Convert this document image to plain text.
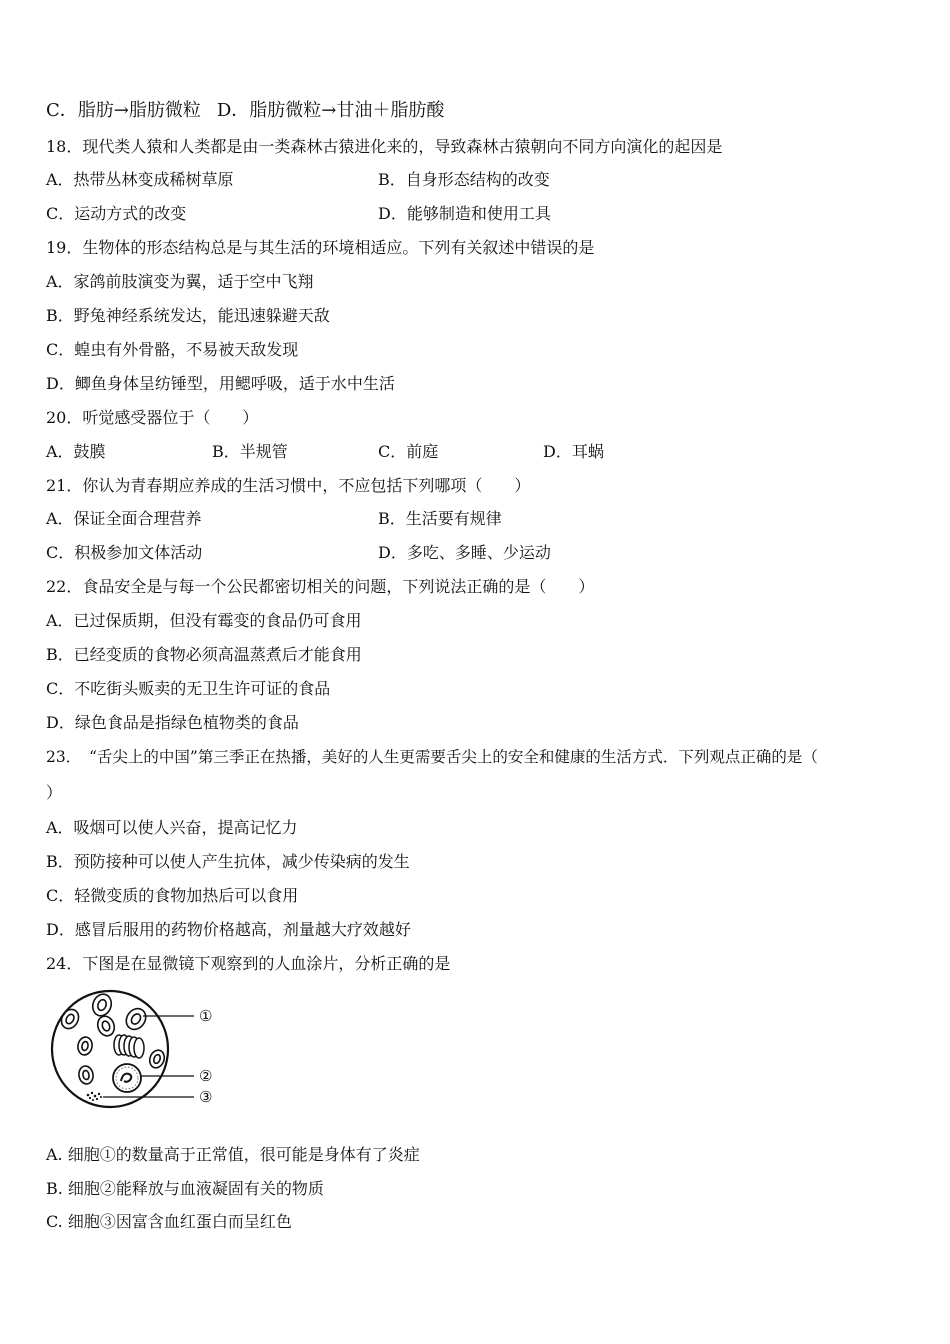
C．脂肪→脂肪微粒 D．脂肪微粒→甘油＋脂肪酸
18．现代类人猿和人类都是由一类森林古猿进化来的，导致森林古猿朝向不同方向演化的起因是
A．热带丛林变成稀树草原	B．自身形态结构的改变
C．运动方式的改变	D．能够制造和使用工具
19．生物体的形态结构总是与其生活的环境相适应。下列有关叙述中错误的是
A．家鸽前肢演变为翼，适于空中飞翔
B．野兔神经系统发达，能迅速躲避天敌
C．蝗虫有外骨骼，不易被天敌发现
D．鲫鱼身体呈纺锤型，用鳃呼吸，适于水中生活
20．听觉感受器位于（　　）
A．鼓膜	B．半规管	C．前庭	D．耳蜗
21．你认为青春期应养成的生活习惯中，不应包括下列哪项（　　）
A．保证全面合理营养	B．生活要有规律
C．积极参加文体活动	D．多吃、多睡、少运动
22．食品安全是与每一个公民都密切相关的问题，下列说法正确的是（　　）
A．已过保质期，但没有霉变的食品仍可食用
B．已经变质的食物必须高温蒸煮后才能食用
C．不吃街头贩卖的无卫生许可证的食品
D．绿色食品是指绿色植物类的食品
23．　“舌尖上的中国”第三季正在热播，美好的人生更需要舌尖上的安全和健康的生活方式．下列观点正确的是（
）
A．吸烟可以使人兴奋，提高记忆力
B．预防接种可以使人产生抗体，减少传染病的发生
C．轻微变质的食物加热后可以食用
D．感冒后服用的药物价格越高，剂量越大疗效越好
24．下图是在显微镜下观察到的人血涂片，分析正确的是
①
②
③
A. 细胞①的数量高于正常值，很可能是身体有了炎症
B. 细胞②能释放与血液凝固有关的物质
C. 细胞③因富含血红蛋白而呈红色
